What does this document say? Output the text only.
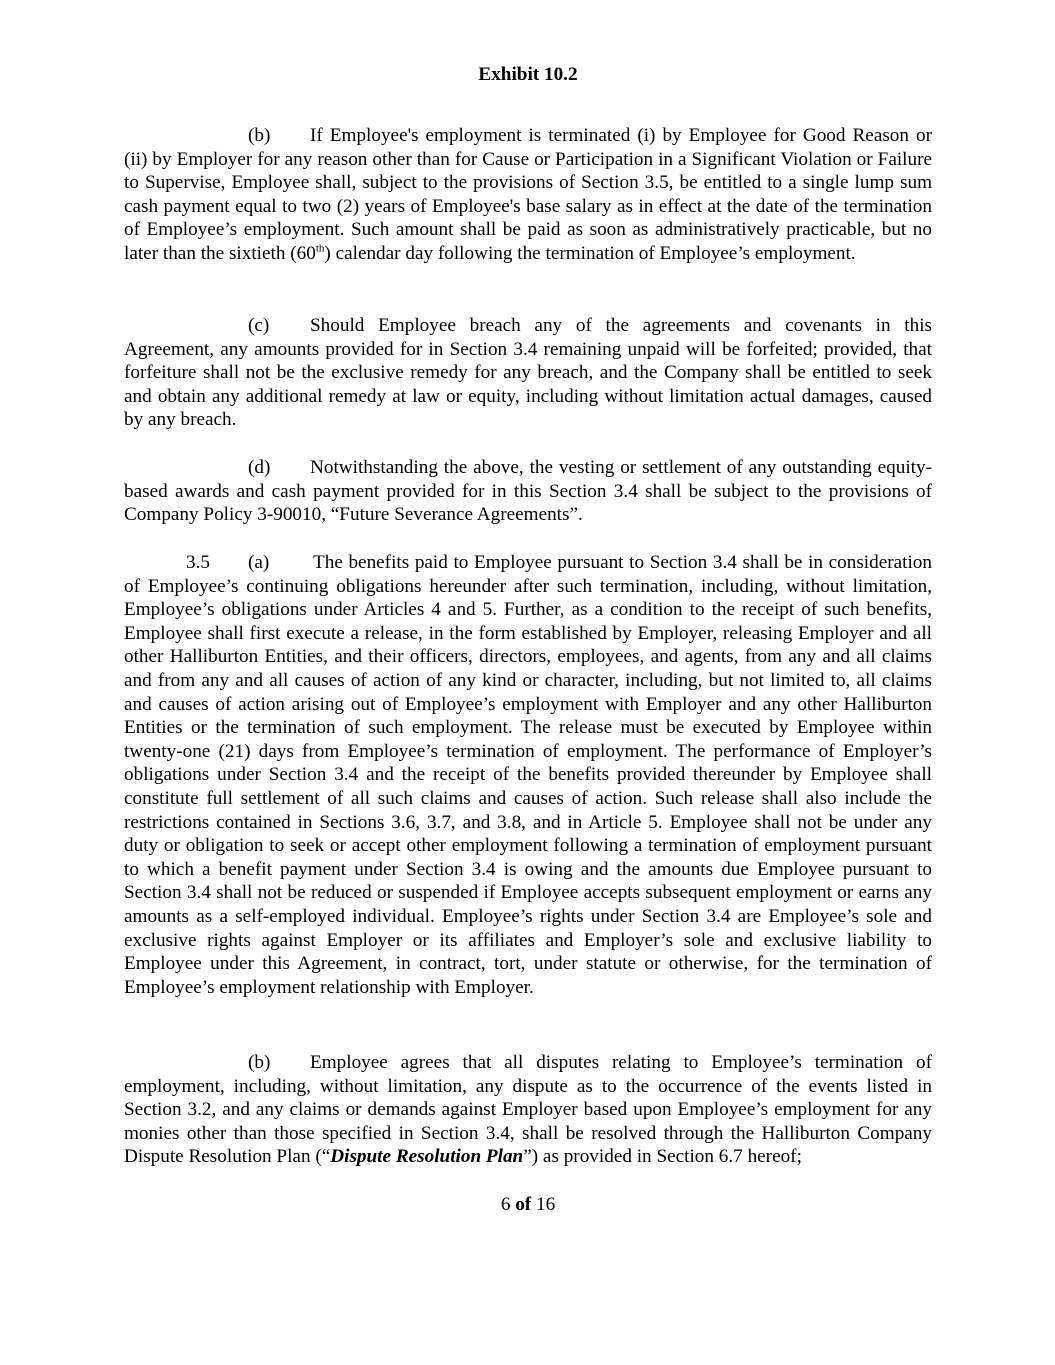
Exhibit 10.2

(b) If Employee's employment is terminated (i) by Employee for Good Reason or (ii) by Employer for any reason other than for Cause or Participation in a Significant Violation or Failure to Supervise, Employee shall, subject to the provisions of Section 3.5, be entitled to a single lump sum cash payment equal to two (2) years of Employee's base salary as in effect at the date of the termination of Employee’s employment. Such amount shall be paid as soon as administratively practicable, but no later than the sixtieth (60th) calendar day following the termination of Employee’s employment.

(c) Should Employee breach any of the agreements and covenants in this Agreement, any amounts provided for in Section 3.4 remaining unpaid will be forfeited; provided, that forfeiture shall not be the exclusive remedy for any breach, and the Company shall be entitled to seek and obtain any additional remedy at law or equity, including without limitation actual damages, caused by any breach.

(d) Notwithstanding the above, the vesting or settlement of any outstanding equity-based awards and cash payment provided for in this Section 3.4 shall be subject to the provisions of Company Policy 3-90010, “Future Severance Agreements”.

3.5 (a) The benefits paid to Employee pursuant to Section 3.4 shall be in consideration of Employee’s continuing obligations hereunder after such termination, including, without limitation, Employee’s obligations under Articles 4 and 5. Further, as a condition to the receipt of such benefits, Employee shall first execute a release, in the form established by Employer, releasing Employer and all other Halliburton Entities, and their officers, directors, employees, and agents, from any and all claims and from any and all causes of action of any kind or character, including, but not limited to, all claims and causes of action arising out of Employee’s employment with Employer and any other Halliburton Entities or the termination of such employment. The release must be executed by Employee within twenty-one (21) days from Employee’s termination of employment. The performance of Employer’s obligations under Section 3.4 and the receipt of the benefits provided thereunder by Employee shall constitute full settlement of all such claims and causes of action. Such release shall also include the restrictions contained in Sections 3.6, 3.7, and 3.8, and in Article 5. Employee shall not be under any duty or obligation to seek or accept other employment following a termination of employment pursuant to which a benefit payment under Section 3.4 is owing and the amounts due Employee pursuant to Section 3.4 shall not be reduced or suspended if Employee accepts subsequent employment or earns any amounts as a self-employed individual. Employee’s rights under Section 3.4 are Employee’s sole and exclusive rights against Employer or its affiliates and Employer’s sole and exclusive liability to Employee under this Agreement, in contract, tort, under statute or otherwise, for the termination of Employee’s employment relationship with Employer.

(b) Employee agrees that all disputes relating to Employee’s termination of employment, including, without limitation, any dispute as to the occurrence of the events listed in Section 3.2, and any claims or demands against Employer based upon Employee’s employment for any monies other than those specified in Section 3.4, shall be resolved through the Halliburton Company Dispute Resolution Plan (“Dispute Resolution Plan”) as provided in Section 6.7 hereof;

6 of 16
